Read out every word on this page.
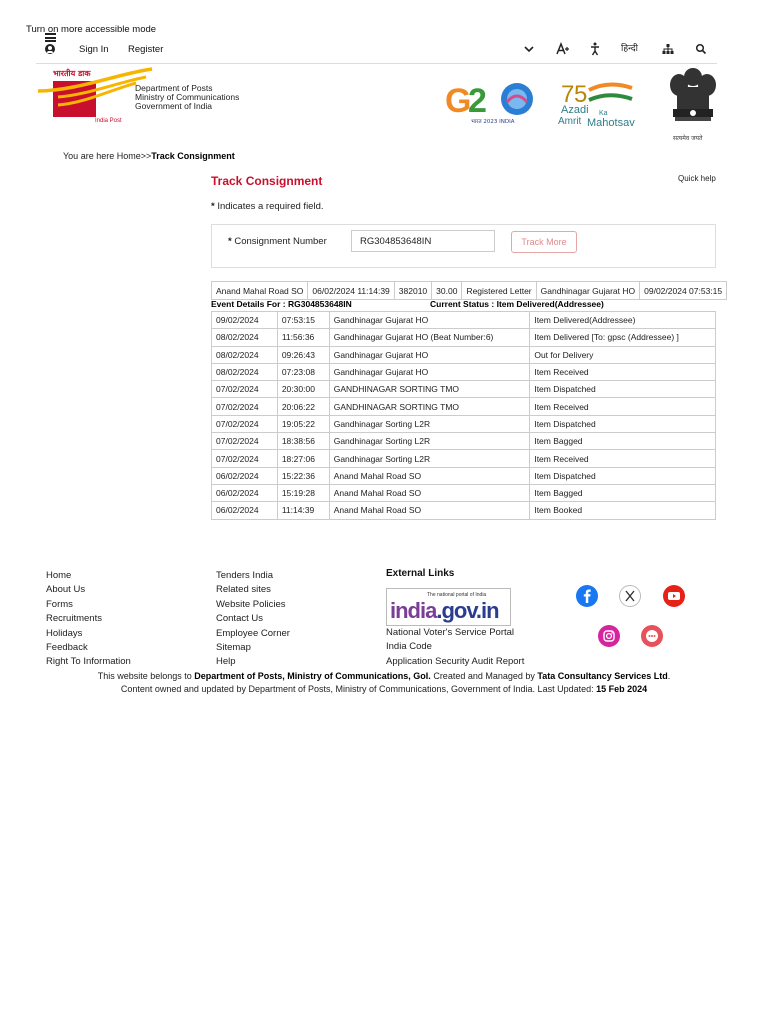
Turn on more accessible mode
Sign In Register	हिन्दी
भारतीय डाक
India Post
Department of Posts
Ministry of Communications
Government of India	G
2
भारत 2023 INDIA
7 5
Azadi Ka
Amrit Mahotsav
सत्यमेव जयते
You are here Home>>Track Consignment
Track Consignment	Quick help
* Indicates a required field.
* Consignment Number
RG304853648IN	Track More
Anand Mahal Road SO	06/02/2024 11:14:39	382010	30.00	Registered Letter	Gandhinagar Gujarat HO	09/02/2024 07:53:15
Event Details For : RG304853648IN	Current Status : Item Delivered(Addressee)
09/02/2024	07:53:15	Gandhinagar Gujarat HO	Item Delivered(Addressee)
08/02/2024	11:56:36	Gandhinagar Gujarat HO (Beat Number:6)	Item Delivered [To: gpsc (Addressee) ]
08/02/2024	09:26:43	Gandhinagar Gujarat HO	Out for Delivery
08/02/2024	07:23:08	Gandhinagar Gujarat HO	Item Received
07/02/2024	20:30:00	GANDHINAGAR SORTING TMO	Item Dispatched
07/02/2024	20:06:22	GANDHINAGAR SORTING TMO	Item Received
07/02/2024	19:05:22	Gandhinagar Sorting L2R	Item Dispatched
07/02/2024	18:38:56	Gandhinagar Sorting L2R	Item Bagged
07/02/2024	18:27:06	Gandhinagar Sorting L2R	Item Received
06/02/2024	15:22:36	Anand Mahal Road SO	Item Dispatched
06/02/2024	15:19:28	Anand Mahal Road SO	Item Bagged
06/02/2024	11:14:39	Anand Mahal Road SO	Item Booked
Home
About Us
Forms
Recruitments
Holidays
Feedback
Right To Information
Tenders India
Related sites
Website Policies
Contact Us
Employee Corner
Sitemap
Help
External Links
The national portal of India
india.gov.in
National Voter's Service Portal
India Code
Application Security Audit Report
This website belongs to Department of Posts, Ministry of Communications, GoI. Created and Managed by Tata Consultancy Services Ltd.
Content owned and updated by Department of Posts, Ministry of Communications, Government of India. Last Updated: 15 Feb 2024
